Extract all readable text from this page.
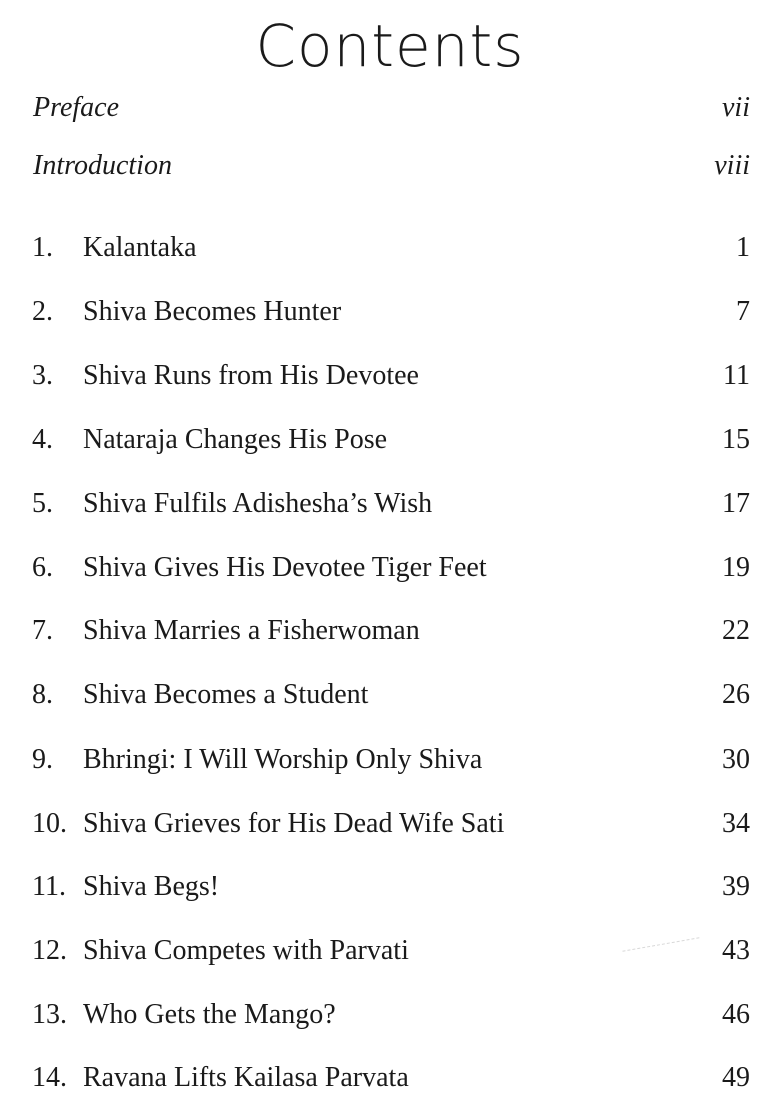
Contents
Preface	vii
Introduction	viii
1. Kalantaka	1
2. Shiva Becomes Hunter	7
3. Shiva Runs from His Devotee	11
4. Nataraja Changes His Pose	15
5. Shiva Fulfils Adishesha’s Wish	17
6. Shiva Gives His Devotee Tiger Feet	19
7. Shiva Marries a Fisherwoman	22
8. Shiva Becomes a Student	26
9. Bhringi: I Will Worship Only Shiva	30
10. Shiva Grieves for His Dead Wife Sati	34
11. Shiva Begs!	39
12. Shiva Competes with Parvati	43
13. Who Gets the Mango?	46
14. Ravana Lifts Kailasa Parvata	49
